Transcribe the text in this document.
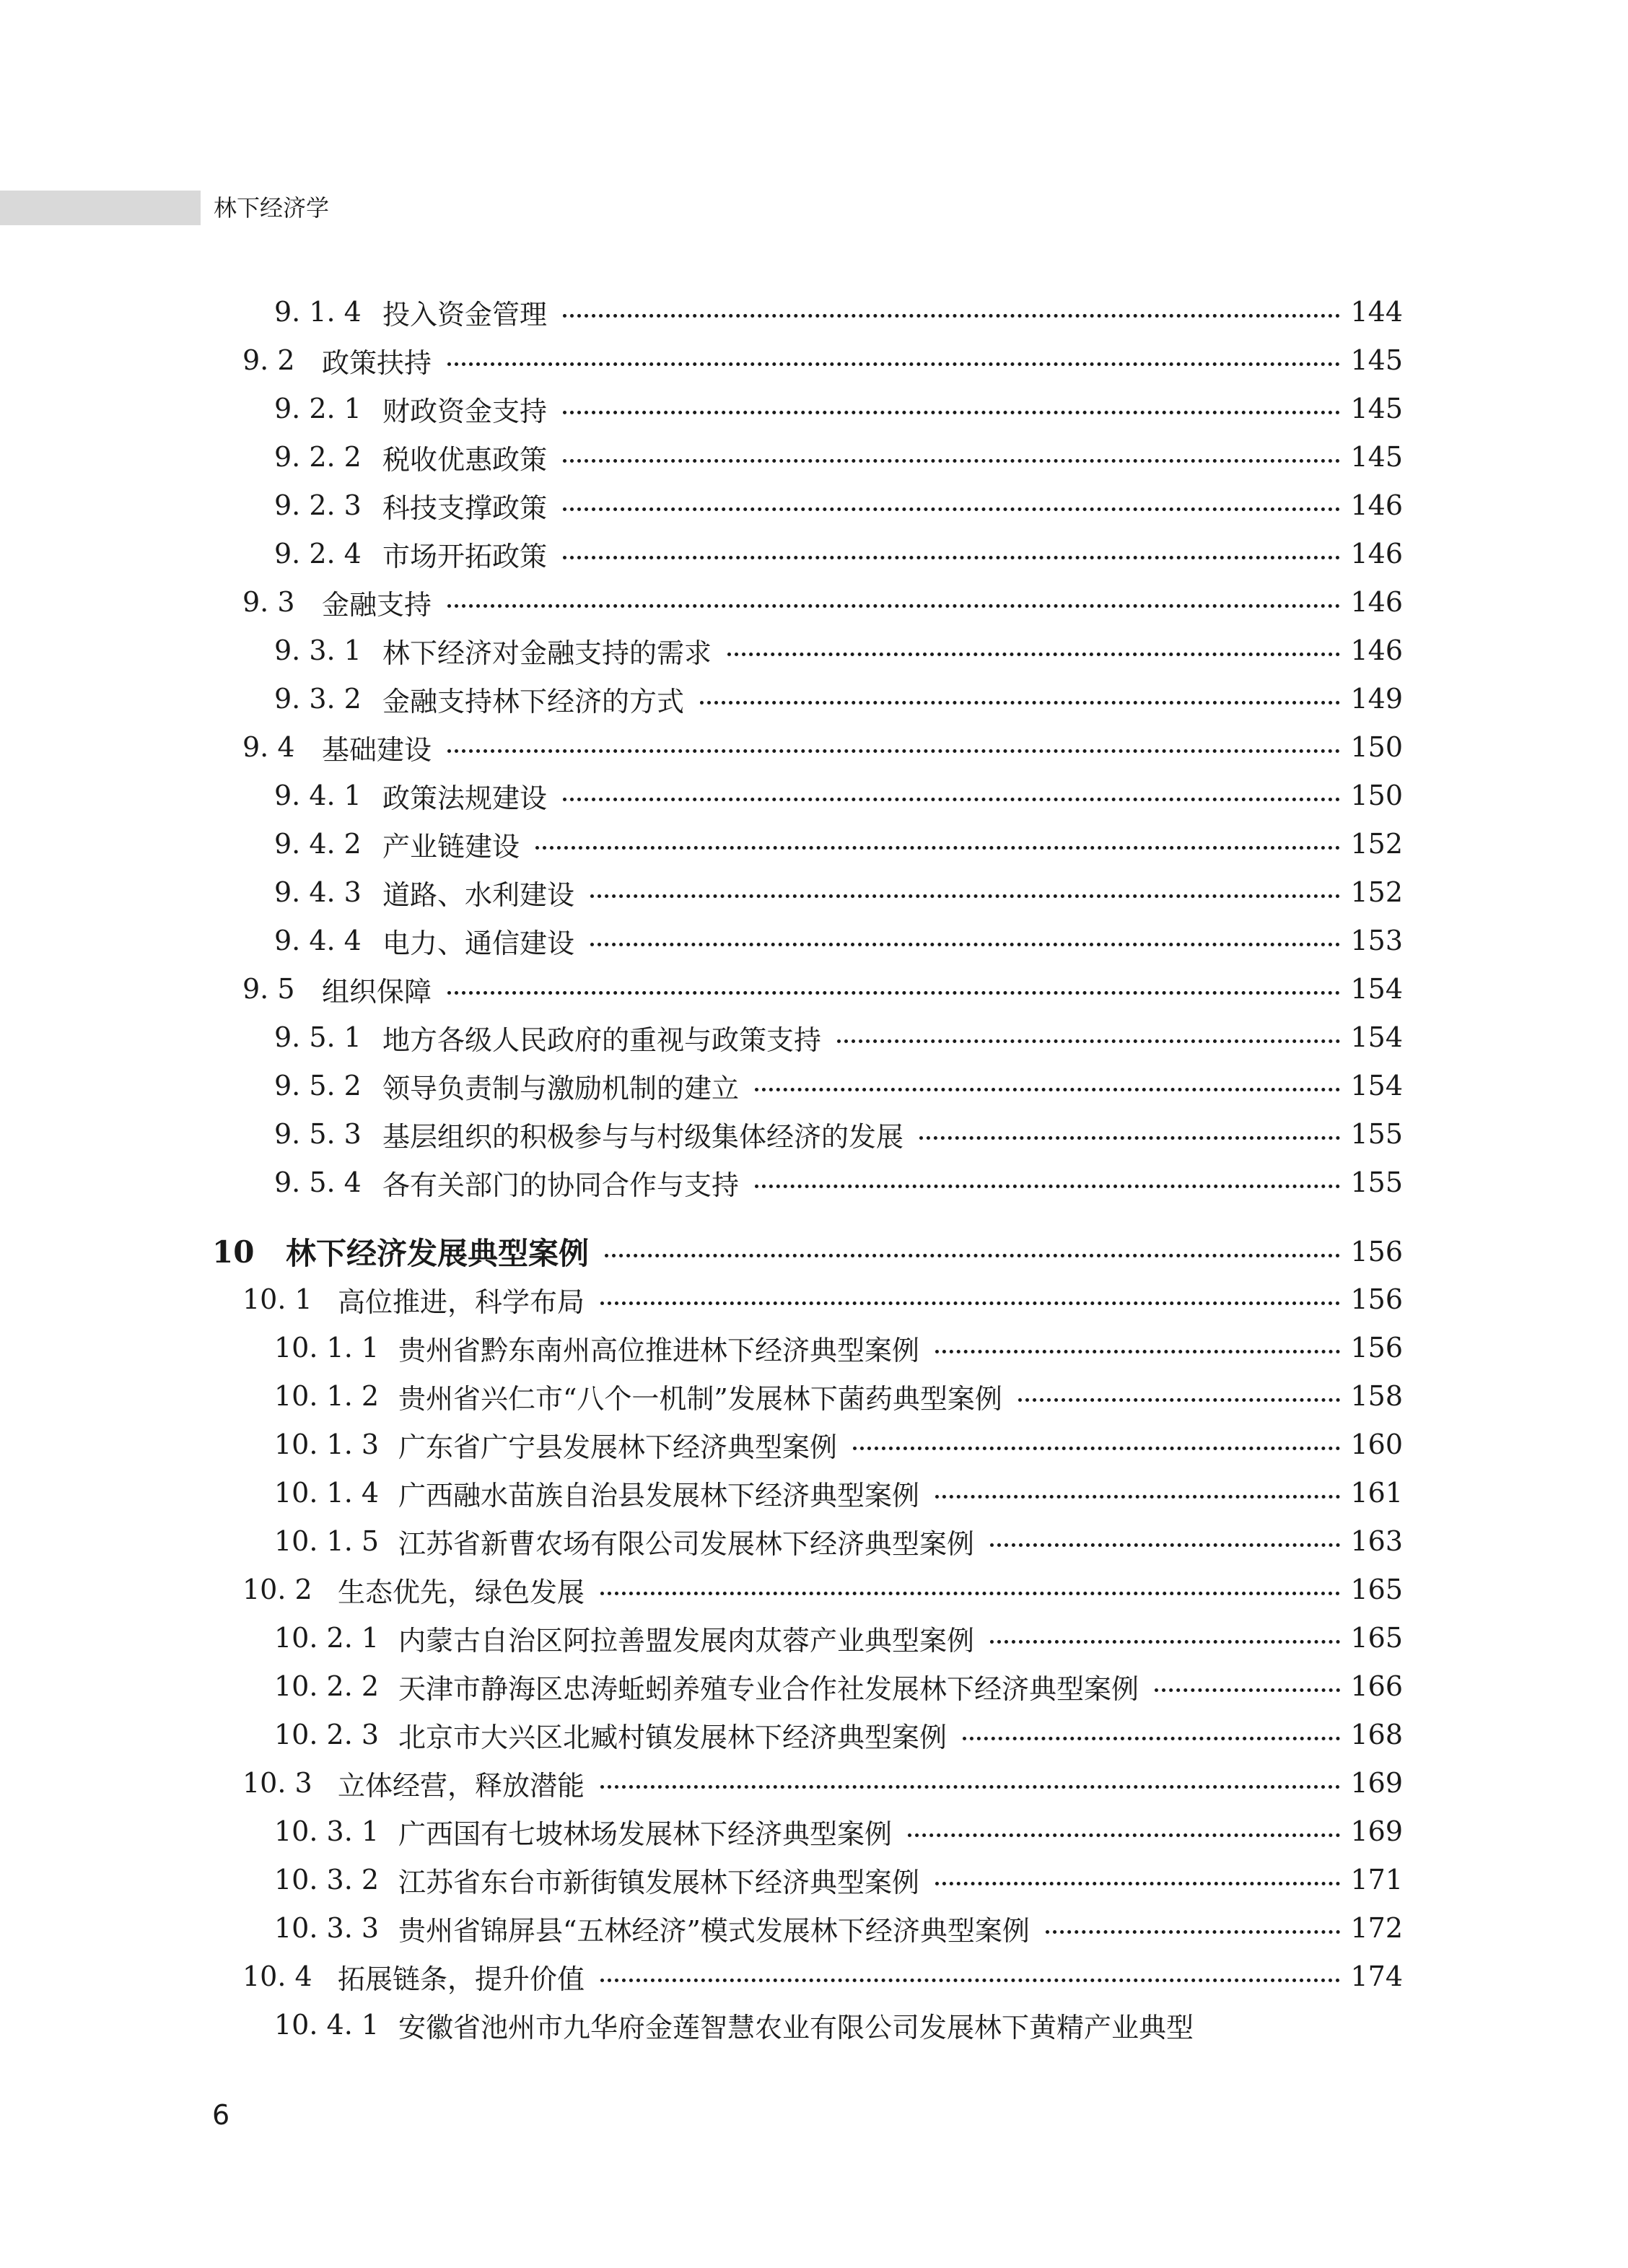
林下经济学
9. 1. 4 投入资金管理	144
9. 2 政策扶持	145
9. 2. 1 财政资金支持	145
9. 2. 2 税收优惠政策	145
9. 2. 3 科技支撑政策	146
9. 2. 4 市场开拓政策	146
9. 3 金融支持	146
9. 3. 1 林下经济对金融支持的需求	146
9. 3. 2 金融支持林下经济的方式	149
9. 4 基础建设	150
9. 4. 1 政策法规建设	150
9. 4. 2 产业链建设	152
9. 4. 3 道路、水利建设	152
9. 4. 4 电力、通信建设	153
9. 5 组织保障	154
9. 5. 1 地方各级人民政府的重视与政策支持	154
9. 5. 2 领导负责制与激励机制的建立	154
9. 5. 3 基层组织的积极参与与村级集体经济的发展	155
9. 5. 4 各有关部门的协同合作与支持	155
10	林下经济发展典型案例	156
10. 1 高位推进，科学布局	156
10. 1. 1 贵州省黔东南州高位推进林下经济典型案例	156
10. 1. 2 贵州省兴仁市“八个一机制”发展林下菌药典型案例	158
10. 1. 3 广东省广宁县发展林下经济典型案例	160
10. 1. 4 广西融水苗族自治县发展林下经济典型案例	161
10. 1. 5 江苏省新曹农场有限公司发展林下经济典型案例	163
10. 2 生态优先，绿色发展	165
10. 2. 1 内蒙古自治区阿拉善盟发展肉苁蓉产业典型案例	165
10. 2. 2 天津市静海区忠涛蚯蚓养殖专业合作社发展林下经济典型案例	166
10. 2. 3 北京市大兴区北臧村镇发展林下经济典型案例	168
10. 3 立体经营，释放潜能	169
10. 3. 1 广西国有七坡林场发展林下经济典型案例	169
10. 3. 2 江苏省东台市新街镇发展林下经济典型案例	171
10. 3. 3 贵州省锦屏县“五林经济”模式发展林下经济典型案例	172
10. 4 拓展链条，提升价值	174
10. 4. 1 安徽省池州市九华府金莲智慧农业有限公司发展林下黄精产业典型
6
